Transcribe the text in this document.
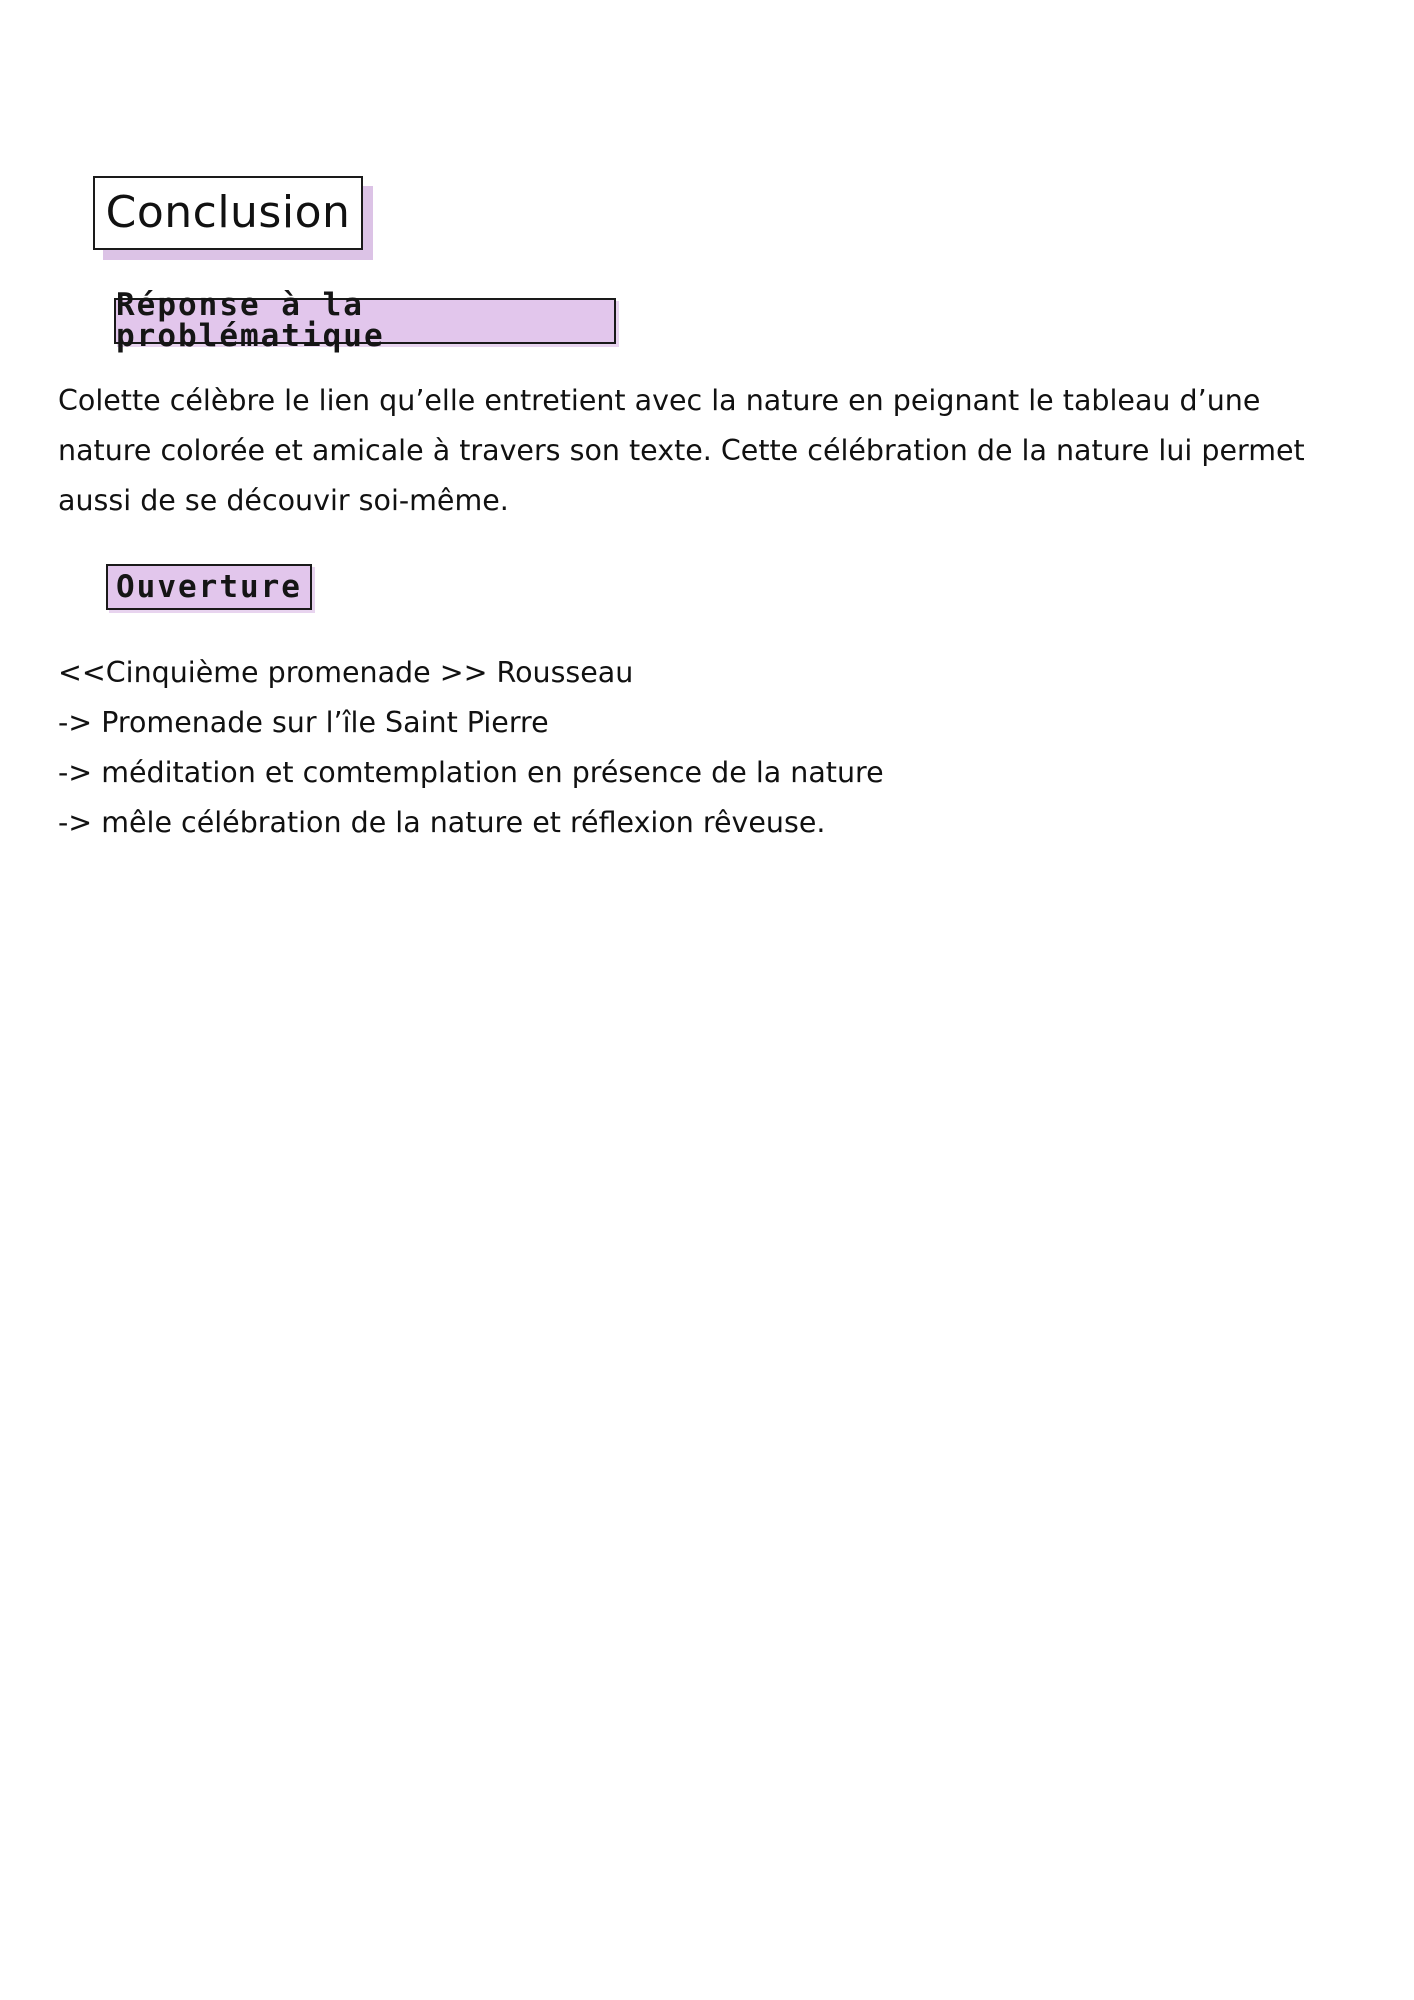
Conclusion
Réponse à la problématique

Colette célèbre le lien qu’elle entretient avec la nature en peignant le tableau d’une nature colorée et amicale à travers son texte. Cette célébration de la nature lui permet aussi de se découvir soi-même.

Ouverture
<<Cinquième promenade >> Rousseau
-> Promenade sur l’île Saint Pierre
-> méditation et comtemplation en présence de la nature
-> mêle célébration de la nature et réflexion rêveuse.
